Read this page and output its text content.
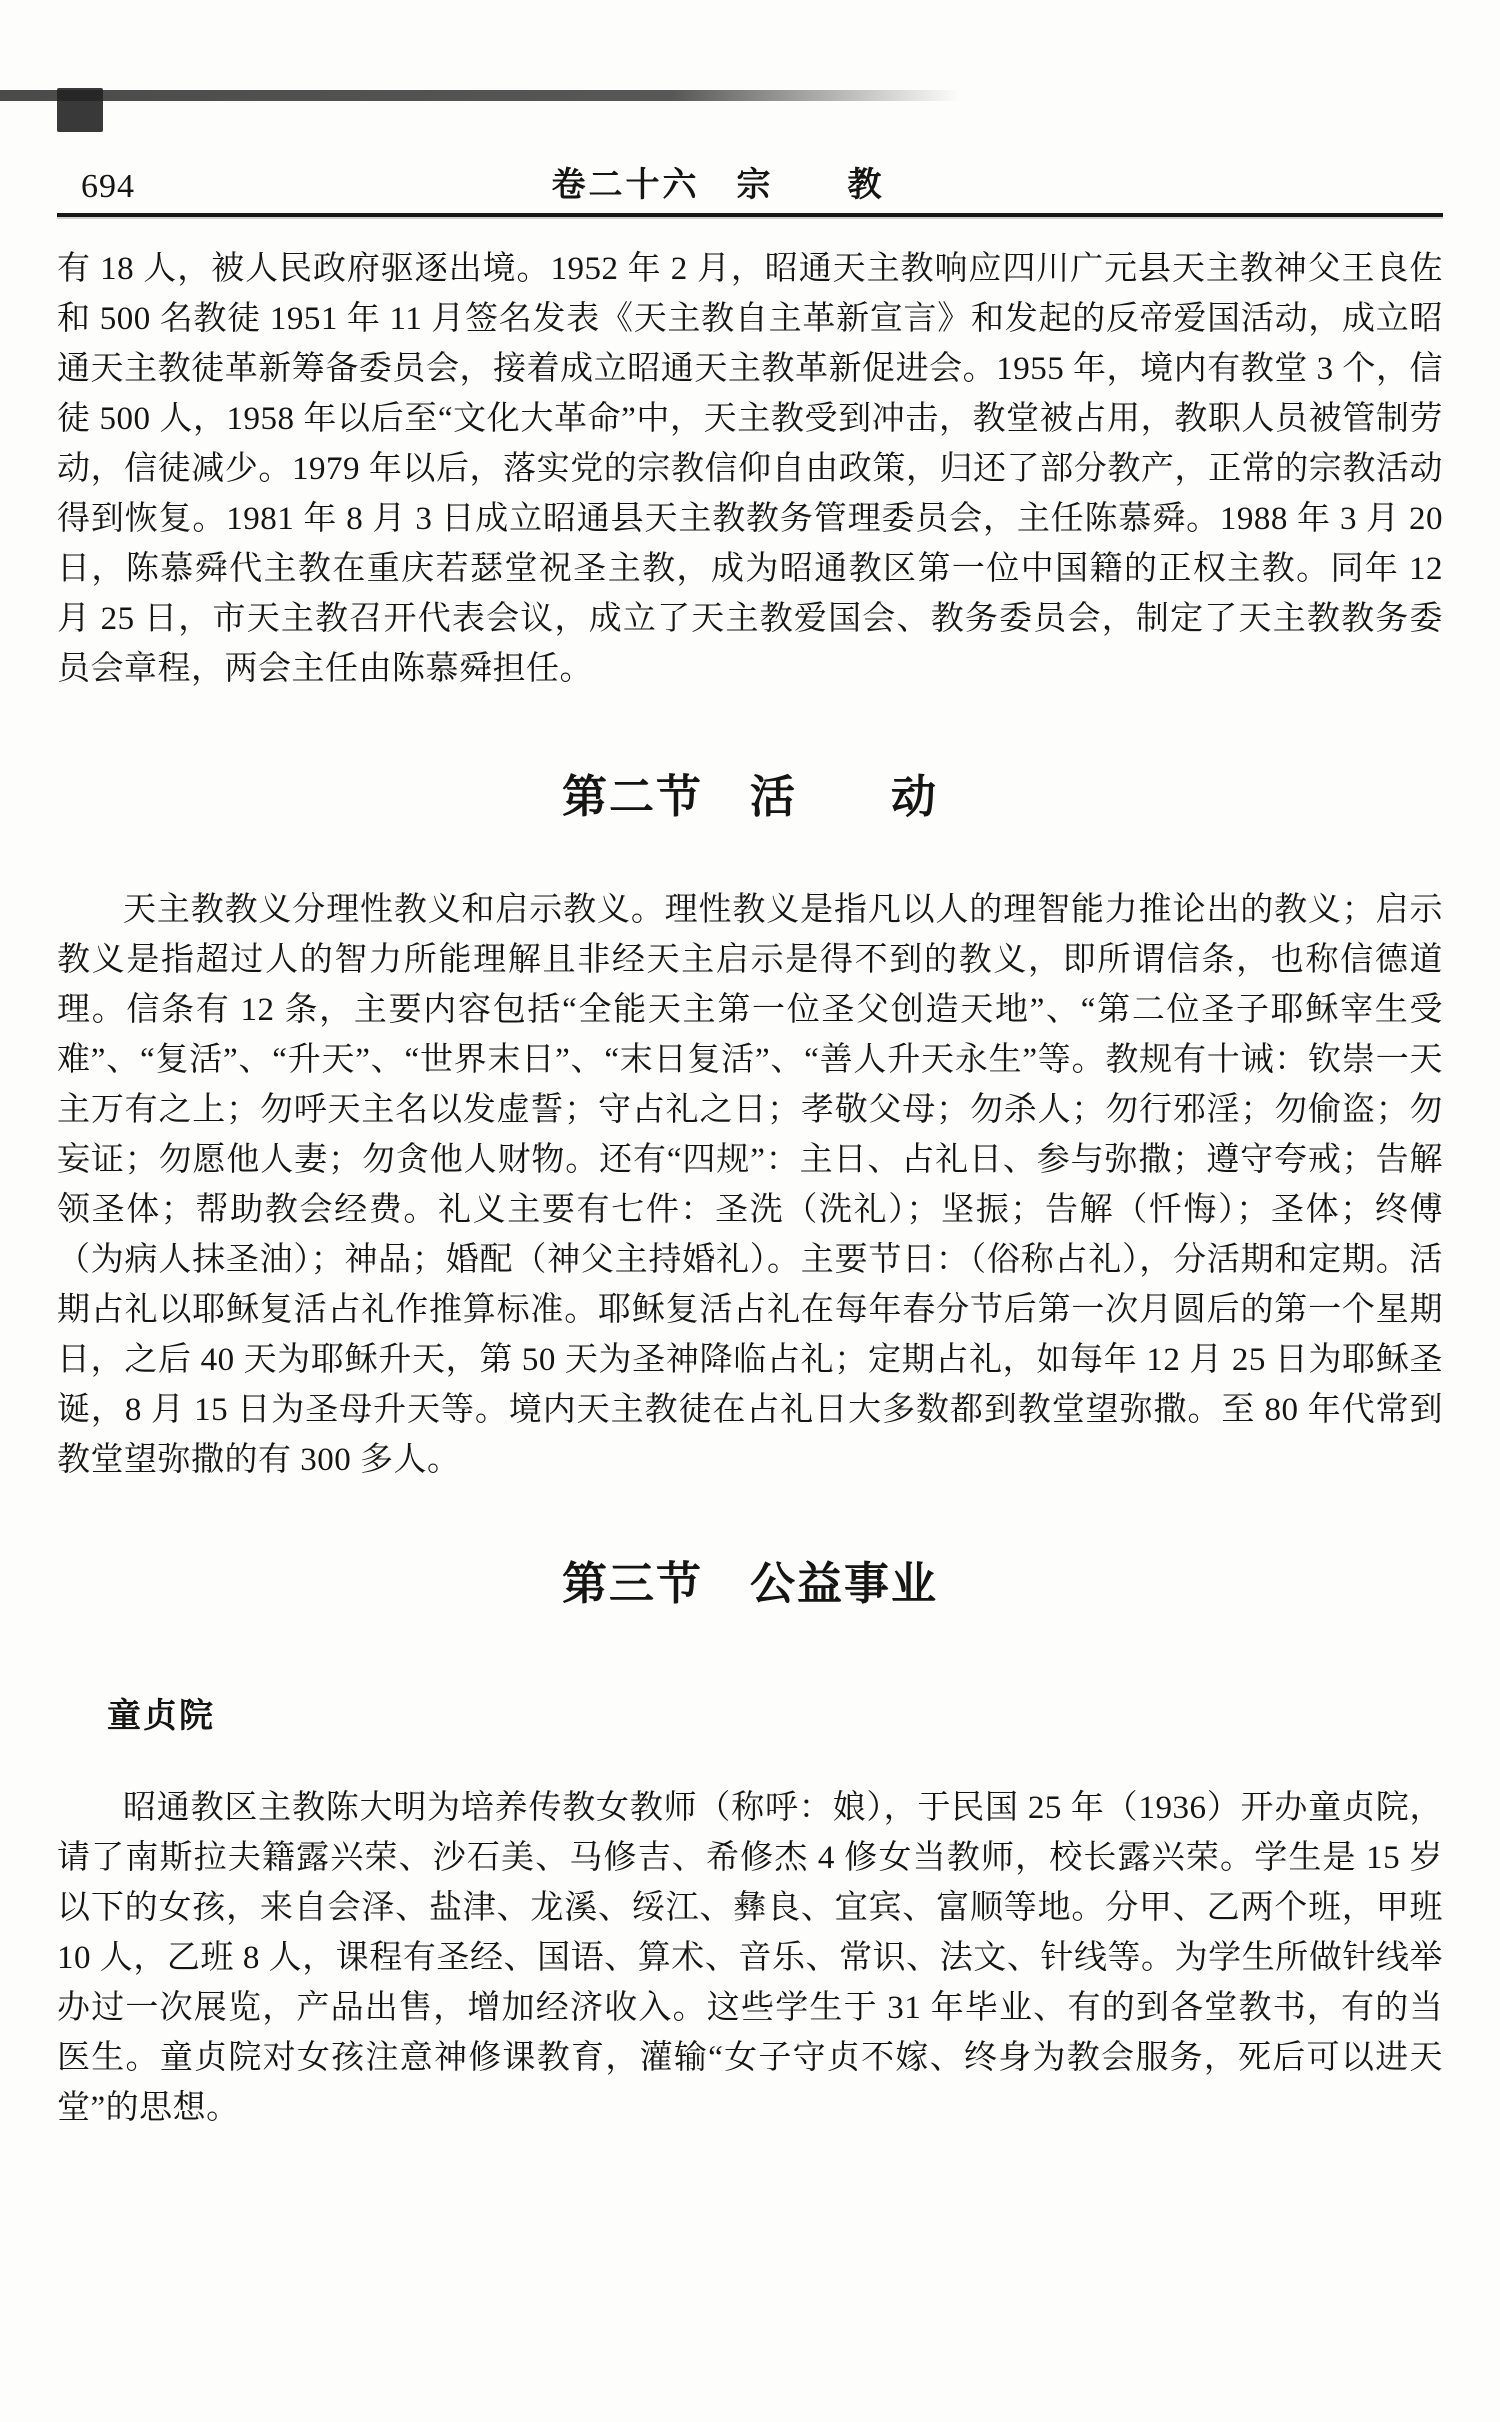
694	卷二十六　宗　　教

有 18 人，被人民政府驱逐出境。1952 年 2 月，昭通天主教响应四川广元县天主教神父王良佐和 500 名教徒 1951 年 11 月签名发表《天主教自主革新宣言》和发起的反帝爱国活动，成立昭通天主教徒革新筹备委员会，接着成立昭通天主教革新促进会。1955 年，境内有教堂 3 个，信徒 500 人，1958 年以后至“文化大革命”中，天主教受到冲击，教堂被占用，教职人员被管制劳动，信徒减少。1979 年以后，落实党的宗教信仰自由政策，归还了部分教产，正常的宗教活动得到恢复。1981 年 8 月 3 日成立昭通县天主教教务管理委员会，主任陈慕舜。1988 年 3 月 20 日，陈慕舜代主教在重庆若瑟堂祝圣主教，成为昭通教区第一位中国籍的正权主教。同年 12 月 25 日，市天主教召开代表会议，成立了天主教爱国会、教务委员会，制定了天主教教务委员会章程，两会主任由陈慕舜担任。

第二节　活　　动

天主教教义分理性教义和启示教义。理性教义是指凡以人的理智能力推论出的教义；启示教义是指超过人的智力所能理解且非经天主启示是得不到的教义，即所谓信条，也称信德道理。信条有 12 条，主要内容包括“全能天主第一位圣父创造天地”、“第二位圣子耶稣宰生受难”、“复活”、“升天”、“世界末日”、“末日复活”、“善人升天永生”等。教规有十诫：钦崇一天主万有之上；勿呼天主名以发虚誓；守占礼之日；孝敬父母；勿杀人；勿行邪淫；勿偷盗；勿妄证；勿愿他人妻；勿贪他人财物。还有“四规”：主日、占礼日、参与弥撒；遵守夸戒；告解领圣体；帮助教会经费。礼义主要有七件：圣洗（洗礼）；坚振；告解（忏悔）；圣体；终傅（为病人抹圣油）；神品；婚配（神父主持婚礼）。主要节日：（俗称占礼），分活期和定期。活期占礼以耶稣复活占礼作推算标准。耶稣复活占礼在每年春分节后第一次月圆后的第一个星期日，之后 40 天为耶稣升天，第 50 天为圣神降临占礼；定期占礼，如每年 12 月 25 日为耶稣圣诞，8 月 15 日为圣母升天等。境内天主教徒在占礼日大多数都到教堂望弥撒。至 80 年代常到教堂望弥撒的有 300 多人。

第三节　公益事业
童贞院

昭通教区主教陈大明为培养传教女教师（称呼：娘），于民国 25 年（1936）开办童贞院，请了南斯拉夫籍露兴荣、沙石美、马修吉、希修杰 4 修女当教师，校长露兴荣。学生是 15 岁以下的女孩，来自会泽、盐津、龙溪、绥江、彝良、宜宾、富顺等地。分甲、乙两个班，甲班 10 人，乙班 8 人，课程有圣经、国语、算术、音乐、常识、法文、针线等。为学生所做针线举办过一次展览，产品出售，增加经济收入。这些学生于 31 年毕业、有的到各堂教书，有的当医生。童贞院对女孩注意神修课教育，灌输“女子守贞不嫁、终身为教会服务，死后可以进天堂”的思想。
